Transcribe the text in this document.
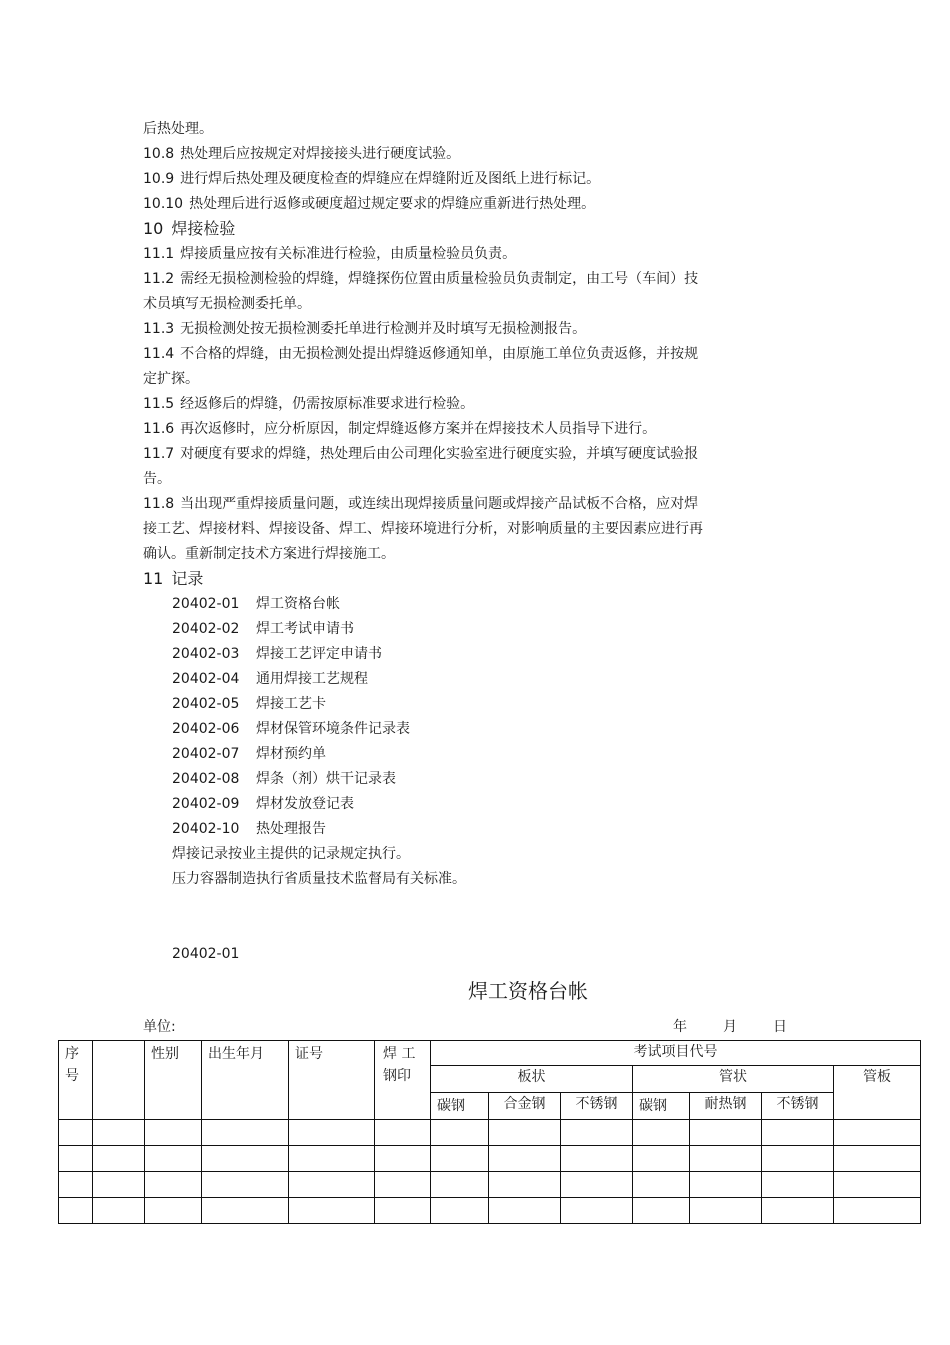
后热处理。
10.8 热处理后应按规定对焊接接头进行硬度试验。
10.9 进行焊后热处理及硬度检查的焊缝应在焊缝附近及图纸上进行标记。
10.10 热处理后进行返修或硬度超过规定要求的焊缝应重新进行热处理。
10 焊接检验
11.1 焊接质量应按有关标准进行检验，由质量检验员负责。
11.2 需经无损检测检验的焊缝，焊缝探伤位置由质量检验员负责制定，由工号（车间）技
术员填写无损检测委托单。
11.3 无损检测处按无损检测委托单进行检测并及时填写无损检测报告。
11.4 不合格的焊缝，由无损检测处提出焊缝返修通知单，由原施工单位负责返修，并按规
定扩探。
11.5 经返修后的焊缝，仍需按原标准要求进行检验。
11.6 再次返修时，应分析原因，制定焊缝返修方案并在焊接技术人员指导下进行。
11.7 对硬度有要求的焊缝，热处理后由公司理化实验室进行硬度实验，并填写硬度试验报
告。
11.8 当出现严重焊接质量问题，或连续出现焊接质量问题或焊接产品试板不合格，应对焊
接工艺、焊接材料、焊接设备、焊工、焊接环境进行分析，对影响质量的主要因素应进行再
确认。重新制定技术方案进行焊接施工。
11 记录
20402-01 焊工资格台帐
20402-02 焊工考试申请书
20402-03 焊接工艺评定申请书
20402-04 通用焊接工艺规程
20402-05 焊接工艺卡
20402-06 焊材保管环境条件记录表
20402-07 焊材预约单
20402-08 焊条（剂）烘干记录表
20402-09 焊材发放登记表
20402-10 热处理报告
焊接记录按业主提供的记录规定执行。
压力容器制造执行省质量技术监督局有关标准。
20402-01
焊工资格台帐
单位:	年	月	日
序号		性别	出生年月	证号	焊 工钢印	考试项目代号						

						板状			管状			管板

						碳钢	合金钢	不锈钢	碳钢	耐热钢	不锈钢	
